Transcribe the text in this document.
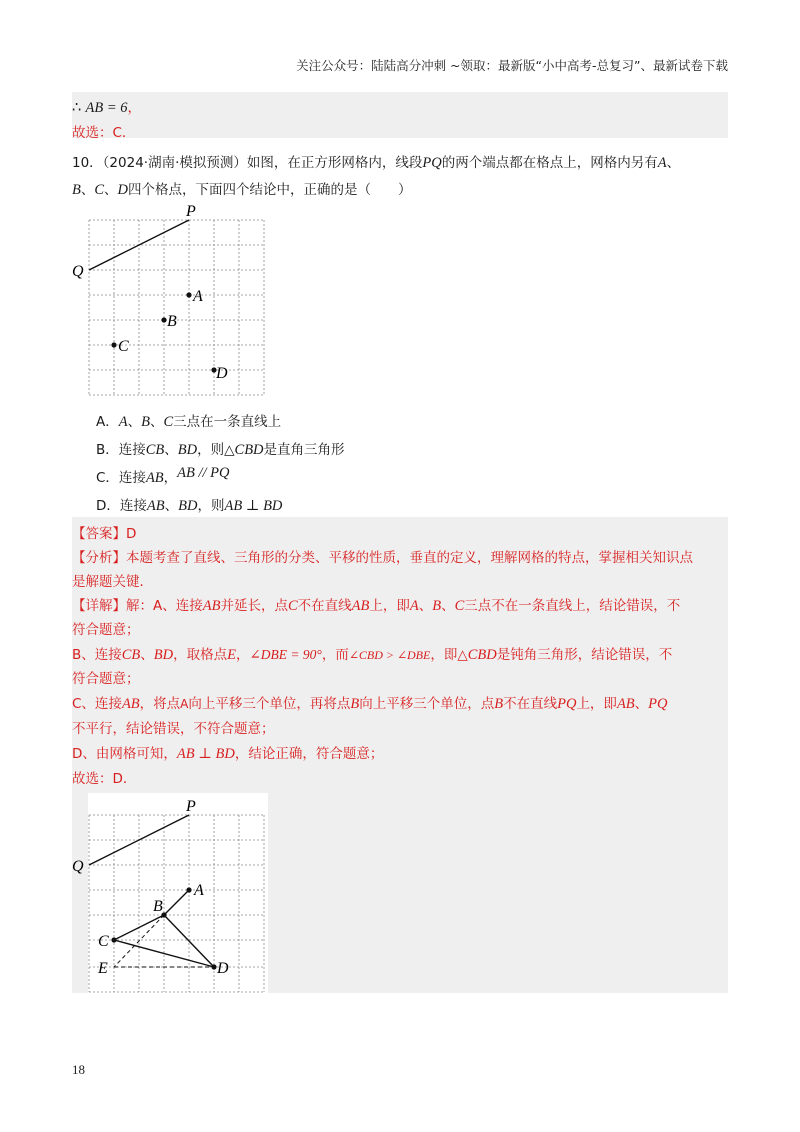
关注公众号：陆陆高分冲刺 ~领取：最新版“小中高考-总复习”、最新试卷下载
∴ AB = 6，
故选：C．
10．（2024·湖南·模拟预测）如图，在正方形网格内，线段PQ的两个端点都在格点上，网格内另有A、
B、C、D四个格点，下面四个结论中，正确的是（　　）
P
Q
A
B
C
D
A．A、B、C三点在一条直线上
B．连接CB、BD，则△CBD是直角三角形
C．连接AB，AB // PQ
D．连接AB、BD，则AB ⊥ BD
【答案】D
【分析】本题考查了直线、三角形的分类、平移的性质，垂直的定义，理解网格的特点，掌握相关知识点
是解题关键．
【详解】解：A、连接AB并延长，点C不在直线AB上，即A、B、C三点不在一条直线上，结论错误，不
符合题意；
B、连接CB、BD，取格点E，∠DBE = 90°，而∠CBD > ∠DBE，即△CBD是钝角三角形，结论错误，不
符合题意；
C、连接AB，将点A向上平移三个单位，再将点B向上平移三个单位，点B不在直线PQ上，即AB、PQ
不平行，结论错误，不符合题意；
D、由网格可知，AB ⊥ BD，结论正确，符合题意；
故选：D．
P
Q
A
B
C
D
E
18
